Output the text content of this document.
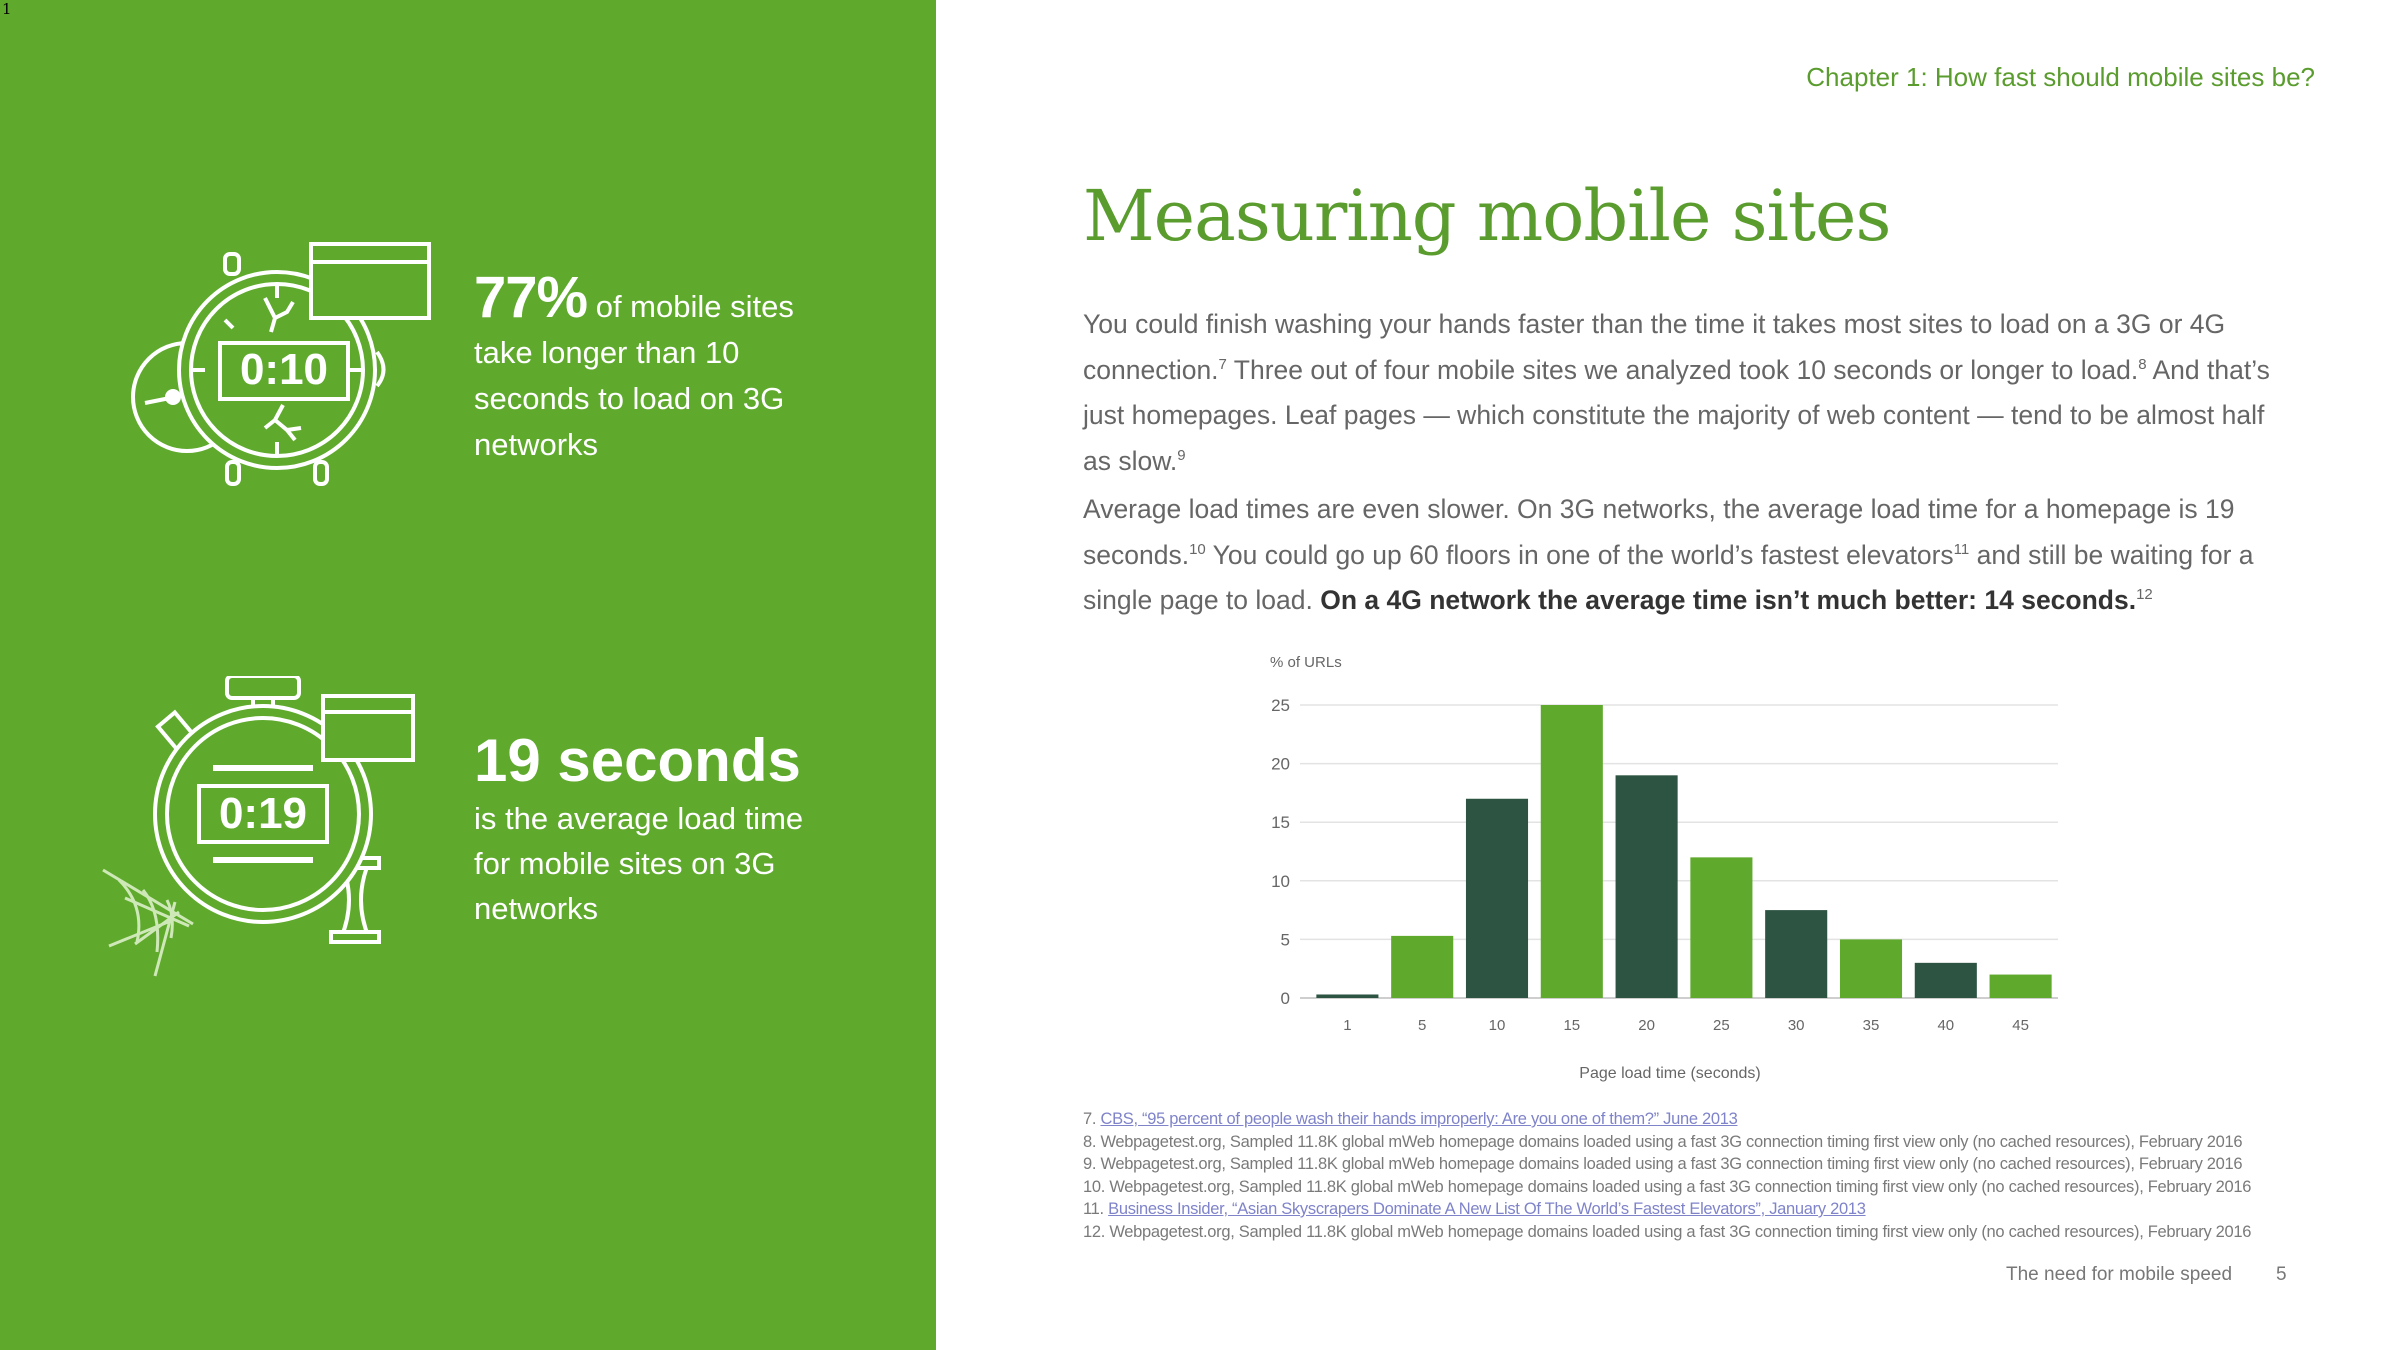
1
0:10
0:19
77% of mobile sites
take longer than 10
seconds to load on 3G
networks
19 seconds
is the average load time
for mobile sites on 3G
networks
Chapter 1: How fast should mobile sites be?
Measuring mobile sites

You could finish washing your hands faster than the time it takes most sites to load on a 3G or 4G connection.$^7$ Three out of four mobile sites we analyzed took 10 seconds or longer to load.$^8$ And that’s just homepages. Leaf pages — which constitute the majority of web content — tend to be almost half as slow.$^9$

Average load times are even slower. On 3G networks, the average load time for a homepage is 19 seconds.$^{10}$ You could go up 60 floors in one of the world’s fastest elevators$^{11}$ and still be waiting for a single page to load. On a 4G network the average time isn’t much better: 14 seconds.$^{12}$

% of URLs
0
5
10
15
20
25
1	5	10	15	20	25	30	35	40	45
Page load time (seconds)
7. CBS, “95 percent of people wash their hands improperly: Are you one of them?” June 2013
8. Webpagetest.org, Sampled 11.8K global mWeb homepage domains loaded using a fast 3G connection timing first view only (no cached resources), February 2016
9. Webpagetest.org, Sampled 11.8K global mWeb homepage domains loaded using a fast 3G connection timing first view only (no cached resources), February 2016
10. Webpagetest.org, Sampled 11.8K global mWeb homepage domains loaded using a fast 3G connection timing first view only (no cached resources), February 2016
11. Business Insider, “Asian Skyscrapers Dominate A New List Of The World’s Fastest Elevators”, January 2013
12. Webpagetest.org, Sampled 11.8K global mWeb homepage domains loaded using a fast 3G connection timing first view only (no cached resources), February 2016
The need for mobile speed 5
